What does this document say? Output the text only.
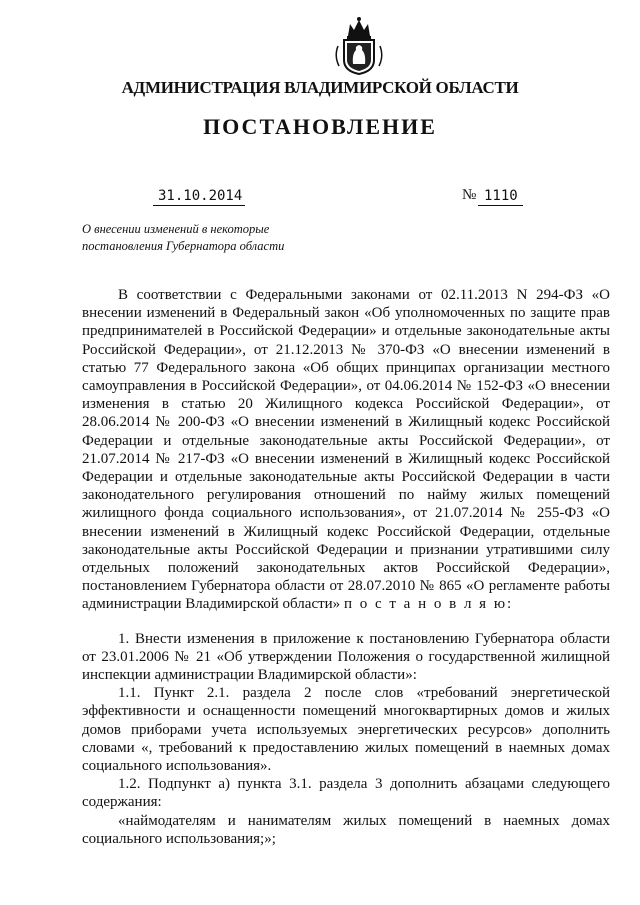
АДМИНИСТРАЦИЯ ВЛАДИМИРСКОЙ ОБЛАСТИ
ПОСТАНОВЛЕНИЕ
31.10.2014	№ 1110
О внесении изменений в некоторые
постановления Губернатора области

В соответствии с Федеральными законами от 02.11.2013 N 294-ФЗ «О внесении изменений в Федеральный закон «Об уполномоченных по защите прав предпринимателей в Российской Федерации» и отдельные законодательные акты Российской Федерации», от 21.12.2013 № 370-ФЗ «О внесении изменений в статью 77 Федерального закона «Об общих принципах организации местного самоуправления в Российской Федерации», от 04.06.2014 № 152-ФЗ «О внесении изменения в статью 20 Жилищного кодекса Российской Федерации», от 28.06.2014 № 200-ФЗ «О внесении изменений в Жилищный кодекс Российской Федерации и отдельные законодательные акты Российской Федерации», от 21.07.2014 № 217-ФЗ «О внесении изменений в Жилищный кодекс Российской Федерации и отдельные законодательные акты Российской Федерации в части законодательного регулирования отношений по найму жилых помещений жилищного фонда социального использования», от 21.07.2014 № 255-ФЗ «О внесении изменений в Жилищный кодекс Российской Федерации, отдельные законодательные акты Российской Федерации и признании утратившими силу отдельных положений законодательных актов Российской Федерации», постановлением Губернатора области от 28.07.2010 № 865 «О регламенте работы администрации Владимирской области» п о с т а н о в л я ю:

1. Внести изменения в приложение к постановлению Губернатора области от 23.01.2006 № 21 «Об утверждении Положения о государственной жилищной инспекции администрации Владимирской области»:

1.1. Пункт 2.1. раздела 2 после слов «требований энергетической эффективности и оснащенности помещений многоквартирных домов и жилых домов приборами учета используемых энергетических ресурсов» дополнить словами «, требований к предоставлению жилых помещений в наемных домах социального использования».

1.2. Подпункт а) пункта 3.1. раздела 3 дополнить абзацами следующего содержания:

«наймодателям и нанимателям жилых помещений в наемных домах социального использования;»;
